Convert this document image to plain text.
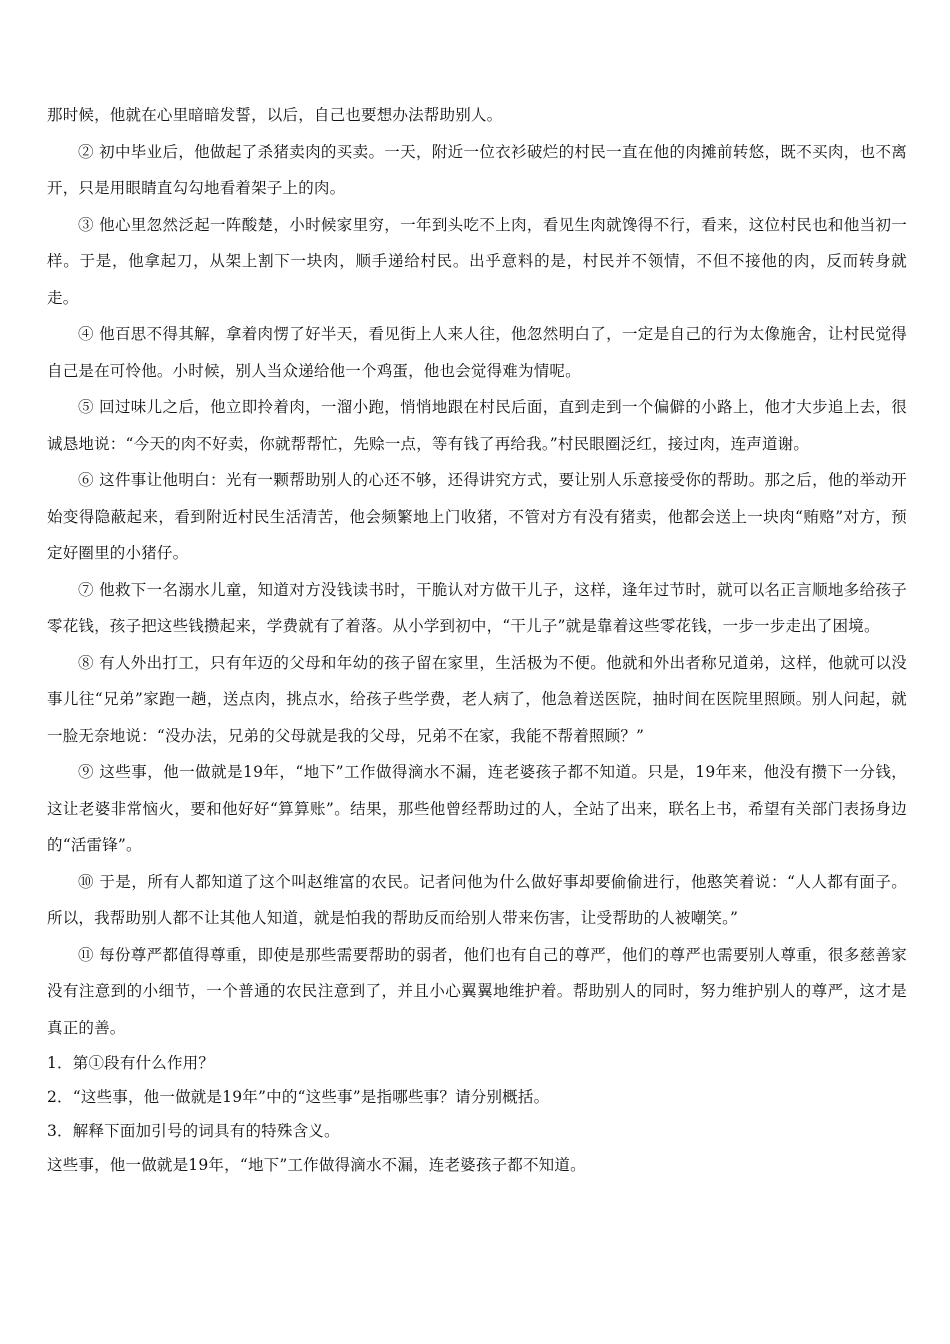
那时候，他就在心里暗暗发誓，以后，自己也要想办法帮助别人。

② 初中毕业后，他做起了杀猪卖肉的买卖。一天，附近一位衣衫破烂的村民一直在他的肉摊前转悠，既不买肉，也不离开，只是用眼睛直勾勾地看着架子上的肉。

③ 他心里忽然泛起一阵酸楚，小时候家里穷，一年到头吃不上肉，看见生肉就馋得不行，看来，这位村民也和他当初一样。于是，他拿起刀，从架上割下一块肉，顺手递给村民。出乎意料的是，村民并不领情，不但不接他的肉，反而转身就走。

④ 他百思不得其解，拿着肉愣了好半天，看见街上人来人往，他忽然明白了，一定是自己的行为太像施舍，让村民觉得自己是在可怜他。小时候，别人当众递给他一个鸡蛋，他也会觉得难为情呢。

⑤ 回过味儿之后，他立即拎着肉，一溜小跑，悄悄地跟在村民后面，直到走到一个偏僻的小路上，他才大步追上去，很诚恳地说：“今天的肉不好卖，你就帮帮忙，先赊一点，等有钱了再给我。”村民眼圈泛红，接过肉，连声道谢。

⑥ 这件事让他明白：光有一颗帮助别人的心还不够，还得讲究方式，要让别人乐意接受你的帮助。那之后，他的举动开始变得隐蔽起来，看到附近村民生活清苦，他会频繁地上门收猪，不管对方有没有猪卖，他都会送上一块肉“贿赂”对方，预定好圈里的小猪仔。

⑦ 他救下一名溺水儿童，知道对方没钱读书时，干脆认对方做干儿子，这样，逢年过节时，就可以名正言顺地多给孩子零花钱，孩子把这些钱攒起来，学费就有了着落。从小学到初中，“干儿子”就是靠着这些零花钱，一步一步走出了困境。

⑧ 有人外出打工，只有年迈的父母和年幼的孩子留在家里，生活极为不便。他就和外出者称兄道弟，这样，他就可以没事儿往“兄弟”家跑一趟，送点肉，挑点水，给孩子些学费，老人病了，他急着送医院，抽时间在医院里照顾。别人问起，就一脸无奈地说：“没办法，兄弟的父母就是我的父母，兄弟不在家，我能不帮着照顾？”

⑨ 这些事，他一做就是19年，“地下”工作做得滴水不漏，连老婆孩子都不知道。只是，19年来，他没有攒下一分钱，这让老婆非常恼火，要和他好好“算算账”。结果，那些他曾经帮助过的人，全站了出来，联名上书，希望有关部门表扬身边的“活雷锋”。

⑩ 于是，所有人都知道了这个叫赵维富的农民。记者问他为什么做好事却要偷偷进行，他憨笑着说：“人人都有面子。所以，我帮助别人都不让其他人知道，就是怕我的帮助反而给别人带来伤害，让受帮助的人被嘲笑。”

⑪ 每份尊严都值得尊重，即使是那些需要帮助的弱者，他们也有自己的尊严，他们的尊严也需要别人尊重，很多慈善家没有注意到的小细节，一个普通的农民注意到了，并且小心翼翼地维护着。帮助别人的同时，努力维护别人的尊严，这才是真正的善。

1．第①段有什么作用？

2．“这些事，他一做就是19年”中的“这些事”是指哪些事？请分别概括。

3．解释下面加引号的词具有的特殊含义。

这些事，他一做就是19年，“地下”工作做得滴水不漏，连老婆孩子都不知道。
